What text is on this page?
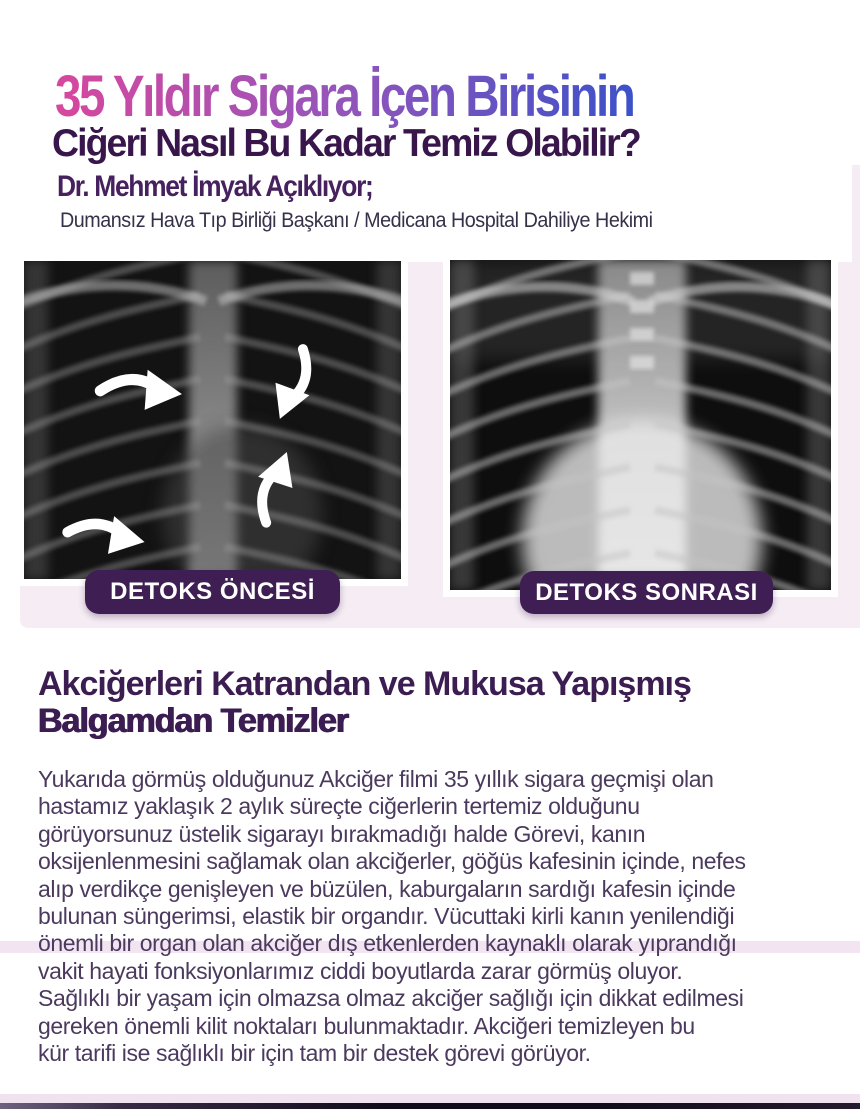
35 Yıldır Sigara İçen Birisinin
Ciğeri Nasıl Bu Kadar Temiz Olabilir?
Dr. Mehmet İmyak Açıklıyor;
Dumansız Hava Tıp Birliği Başkanı / Medicana Hospital Dahiliye Hekimi
DETOKS ÖNCESİ	DETOKS SONRASI
Akciğerleri Katrandan ve Mukusa Yapışmış
Balgamdan Temizler

Yukarıda görmüş olduğunuz Akciğer filmi 35 yıllık sigara geçmişi olan
hastamız yaklaşık 2 aylık süreçte ciğerlerin tertemiz olduğunu
görüyorsunuz üstelik sigarayı bırakmadığı halde Görevi, kanın
oksijenlenmesini sağlamak olan akciğerler, göğüs kafesinin içinde, nefes
alıp verdikçe genişleyen ve büzülen, kaburgaların sardığı kafesin içinde
bulunan süngerimsi, elastik bir organdır. Vücuttaki kirli kanın yenilendiği
önemli bir organ olan akciğer dış etkenlerden kaynaklı olarak yıprandığı
vakit hayati fonksiyonlarımız ciddi boyutlarda zarar görmüş oluyor.
Sağlıklı bir yaşam için olmazsa olmaz akciğer sağlığı için dikkat edilmesi
gereken önemli kilit noktaları bulunmaktadır. Akciğeri temizleyen bu
kür tarifi ise sağlıklı bir için tam bir destek görevi görüyor.
